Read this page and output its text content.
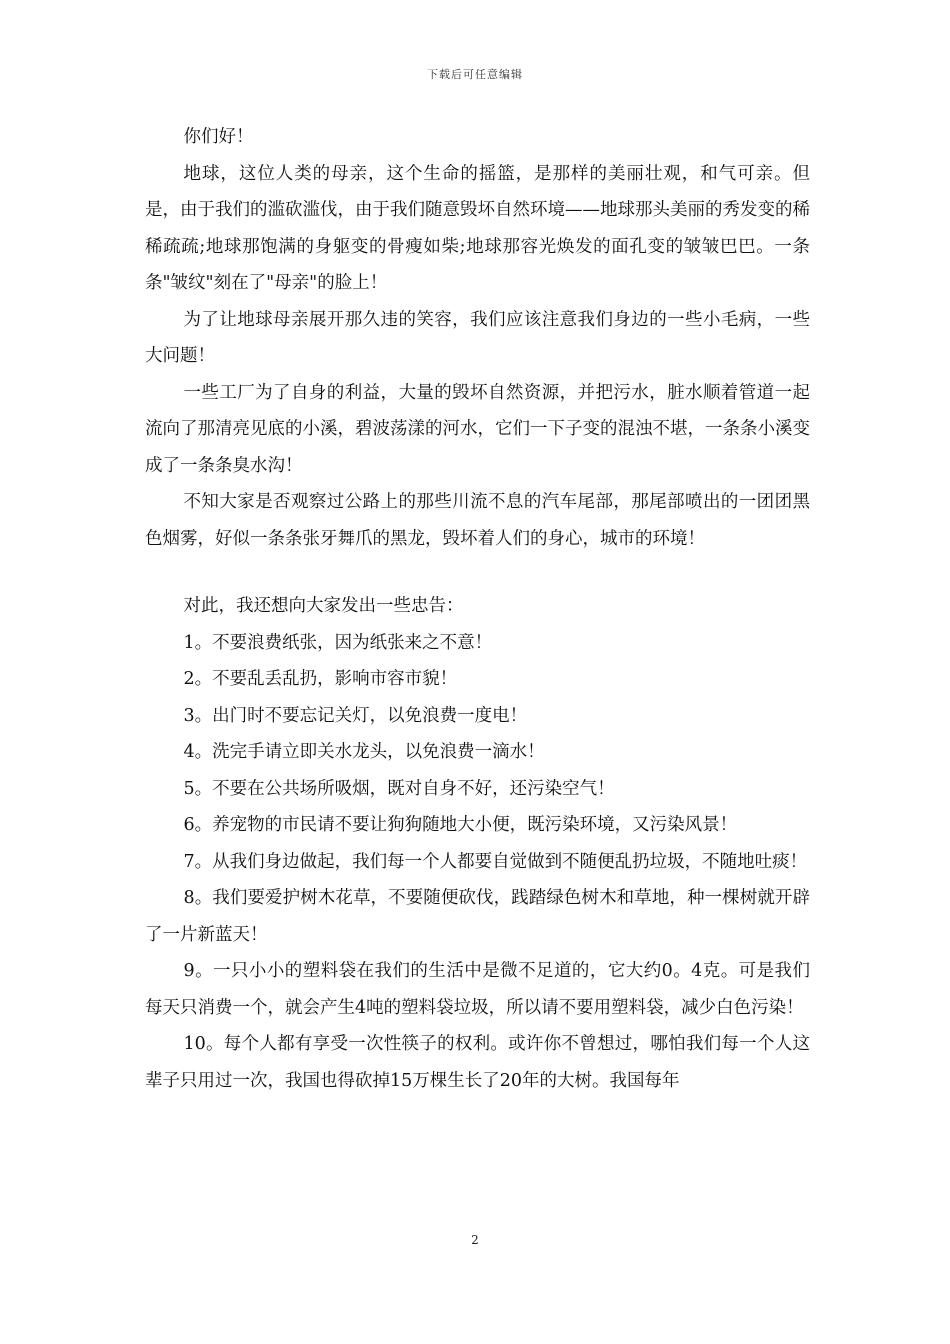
下载后可任意编辑

你们好！

地球，这位人类的母亲，这个生命的摇篮，是那样的美丽壮观，和气可亲。但是，由于我们的滥砍滥伐，由于我们随意毁坏自然环境——地球那头美丽的秀发变的稀稀疏疏;地球那饱满的身躯变的骨瘦如柴;地球那容光焕发的面孔变的皱皱巴巴。一条条"皱纹"刻在了"母亲"的脸上！

为了让地球母亲展开那久违的笑容，我们应该注意我们身边的一些小毛病，一些大问题！

一些工厂为了自身的利益，大量的毁坏自然资源，并把污水，脏水顺着管道一起流向了那清亮见底的小溪，碧波荡漾的河水，它们一下子变的混浊不堪，一条条小溪变成了一条条臭水沟！

不知大家是否观察过公路上的那些川流不息的汽车尾部，那尾部喷出的一团团黑色烟雾，好似一条条张牙舞爪的黑龙，毁坏着人们的身心，城市的环境！

对此，我还想向大家发出一些忠告：

1。不要浪费纸张，因为纸张来之不意！

2。不要乱丢乱扔，影响市容市貌！

3。出门时不要忘记关灯，以免浪费一度电！

4。洗完手请立即关水龙头，以免浪费一滴水！

5。不要在公共场所吸烟，既对自身不好，还污染空气！

6。养宠物的市民请不要让狗狗随地大小便，既污染环境，又污染风景！

7。从我们身边做起，我们每一个人都要自觉做到不随便乱扔垃圾，不随地吐痰！

8。我们要爱护树木花草，不要随便砍伐，践踏绿色树木和草地，种一棵树就开辟了一片新蓝天！

9。一只小小的塑料袋在我们的生活中是微不足道的，它大约0。4克。可是我们每天只消费一个，就会产生4吨的塑料袋垃圾，所以请不要用塑料袋，减少白色污染！

10。每个人都有享受一次性筷子的权利。或许你不曾想过，哪怕我们每一个人这辈子只用过一次，我国也得砍掉15万棵生长了20年的大树。我国每年

2
